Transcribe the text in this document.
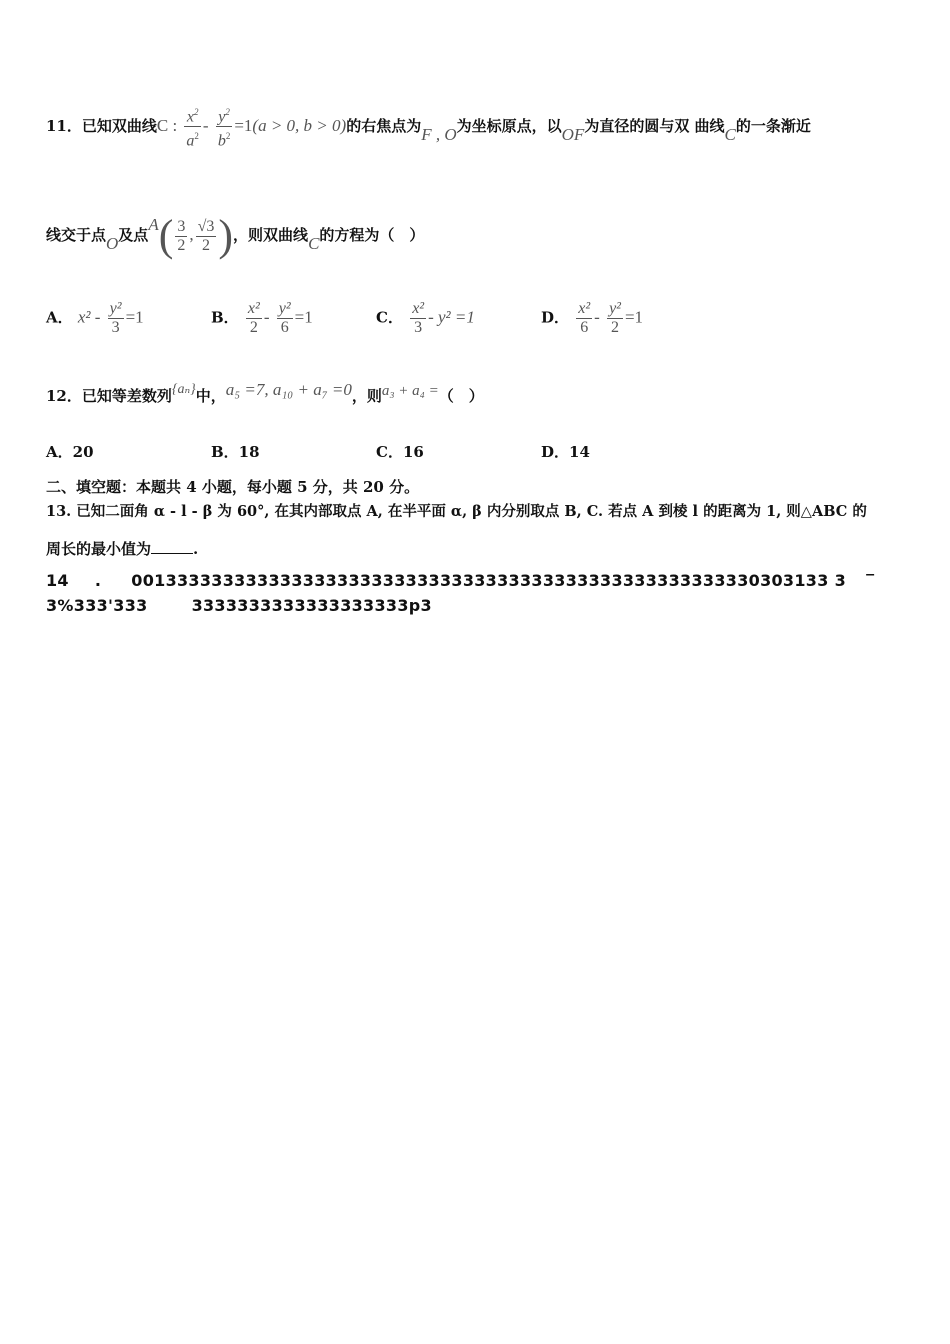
11．已知双曲线C : $\frac{x^2}{a^2} - \frac{y^2}{b^2} =1(a > 0$, b > 0)的右焦点为F , O为坐标原点，以OF为直径的圆与双 曲线C的一条渐近
线交于点O及点$A( \frac{3}{2}$ , $\frac{√3}{2}$ )，则双曲线C的方程为（　）
A． $x^2 - \frac{\text{y²}}{3} =1$	B． $\frac{\text{x²}}{2} - \frac{\text{y²}}{6} =1$	C． $\frac{\text{x²}}{3} - y^2 =1$	D． $\frac{\text{x²}}{6} - \frac{\text{y²}}{2} =1$
12．已知等差数列{aₙ}中，a₅ =7, a₁₀ + a₇ =0，则a₃ + a₄ =（　）
A．20	B．18	C．16	D．14
二、填空题：本题共 4 小题，每小题 5 分，共 20 分。
13. 已知二面角 α - l - β 为 60°, 在其内部取点 A, 在半平面 α, β 内分别取点 B, C. 若点 A 到棱 l 的距离为 1, 则△ABC 的
周长的最小值为	.
14 . 0013333333333333333333333333333333333333333333333333330303133 3 ‾
3%333'333	3333333333333333333p3
